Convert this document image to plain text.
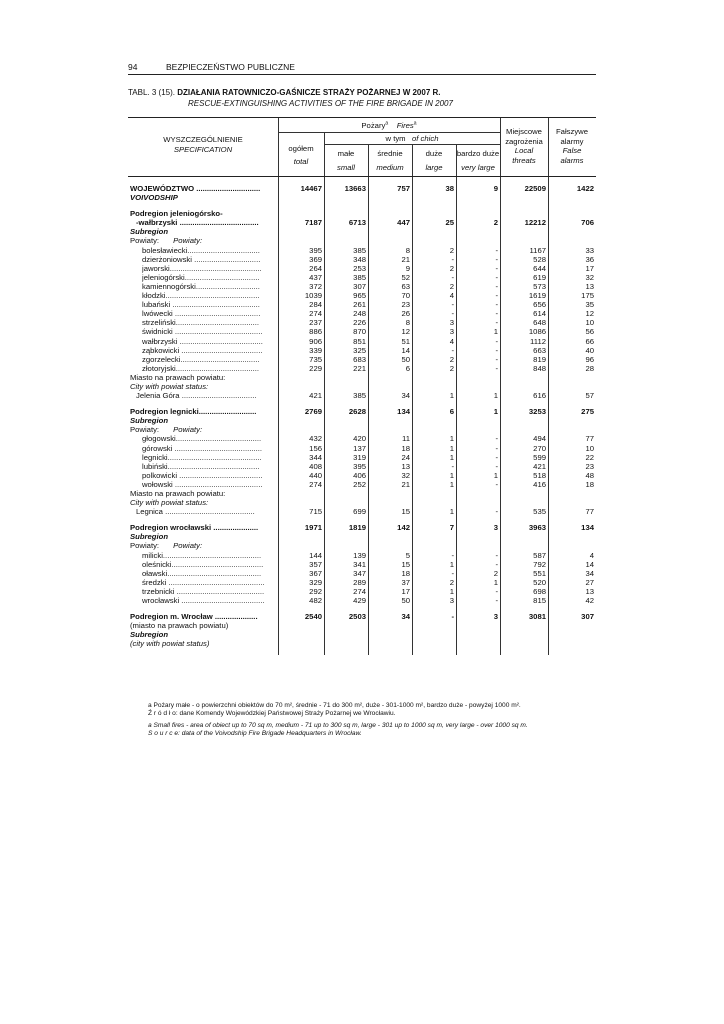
94	BEZPIECZEŃSTWO PUBLICZNE
TABL. 3 (15). DZIAŁANIA RATOWNICZO-GAŚNICZE STRAŻY POŻARNEJ W 2007 R.
RESCUE-EXTINGUISHING ACTIVITIES OF THE FIRE BRIGADE IN 2007
WYSZCZEGÓLNIENIE
SPECIFICATION
Pożary$^a$ Fires$^a$
w tym of chich
ogółem
total
małe
small
średnie
medium
duże
large
bardzo duże
very large
Miejscowe
zagrożenia
Local
threats
Fałszywe
alarmy
False
alarms
WOJEWÓDZTWO ..............................	14467	13663	757	38	9	22509	1422
VOIVODSHIP
Podregion jeleniogórsko-
-wałbrzyski .....................................	7187	6713	447	25	2	12212	706
Subregion
Powiaty: Powiaty:
bolesławiecki..................................	395	385	8	2	-	1167	33
dzierżoniowski ...............................	369	348	21	-	-	528	36
jaworski...........................................	264	253	9	2	-	644	17
jeleniogórski...................................	437	385	52	-	-	619	32
kamiennogórski..............................	372	307	63	2	-	573	13
kłodzki............................................	1039	965	70	4	-	1619	175
lubański .........................................	284	261	23	-	-	656	35
lwówecki ........................................	274	248	26	-	-	614	12
strzeliński.......................................	237	226	8	3	-	648	10
świdnicki .........................................	886	870	12	3	1	1086	56
wałbrzyski .......................................	906	851	51	4	-	1112	66
ząbkowicki ......................................	339	325	14	-	-	663	40
zgorzelecki.....................................	735	683	50	2	-	819	96
złotoryjski.......................................	229	221	6	2	-	848	28
Miasto na prawach powiatu:
City with powiat status:
Jelenia Góra ...................................	421	385	34	1	1	616	57
Podregion legnicki...........................	2769	2628	134	6	1	3253	275
Subregion
Powiaty: Powiaty:
głogowski........................................	432	420	11	1	-	494	77
górowski .........................................	156	137	18	1	-	270	10
legnicki............................................	344	319	24	1	-	599	22
lubiński...........................................	408	395	13	-	-	421	23
polkowicki .......................................	440	406	32	1	1	518	48
wołowski .........................................	274	252	21	1	-	416	18
Miasto na prawach powiatu:
City with powiat status:
Legnica ..........................................	715	699	15	1	-	535	77
Podregion wrocławski .....................	1971	1819	142	7	3	3963	134
Subregion
Powiaty: Powiaty:
milicki..............................................	144	139	5	-	-	587	4
oleśnicki...........................................	357	341	15	1	-	792	14
oławski............................................	367	347	18	-	2	551	34
średzki .............................................	329	289	37	2	1	520	27
trzebnicki .........................................	292	274	17	1	-	698	13
wrocławski .......................................	482	429	50	3	-	815	42
Podregion m. Wrocław ....................	2540	2503	34	-	3	3081	307
(miasto na prawach powiatu)
Subregion
(city with powiat status)
a Pożary małe - o powierzchni obiektów do 70 m², średnie - 71 do 300 m², duże - 301-1000 m², bardzo duże - powyżej 1000 m².
Ź r ó d ł o: dane Komendy Wojewódzkiej Państwowej Straży Pożarnej we Wrocławiu.
a Small fires - area of obiect up to 70 sq m, medium - 71 up to 300 sq m, large - 301 up to 1000 sq m, very large - over 1000 sq m.
S o u r c e: data of the Voivodship Fire Brigade Headquarters in Wrocław.
